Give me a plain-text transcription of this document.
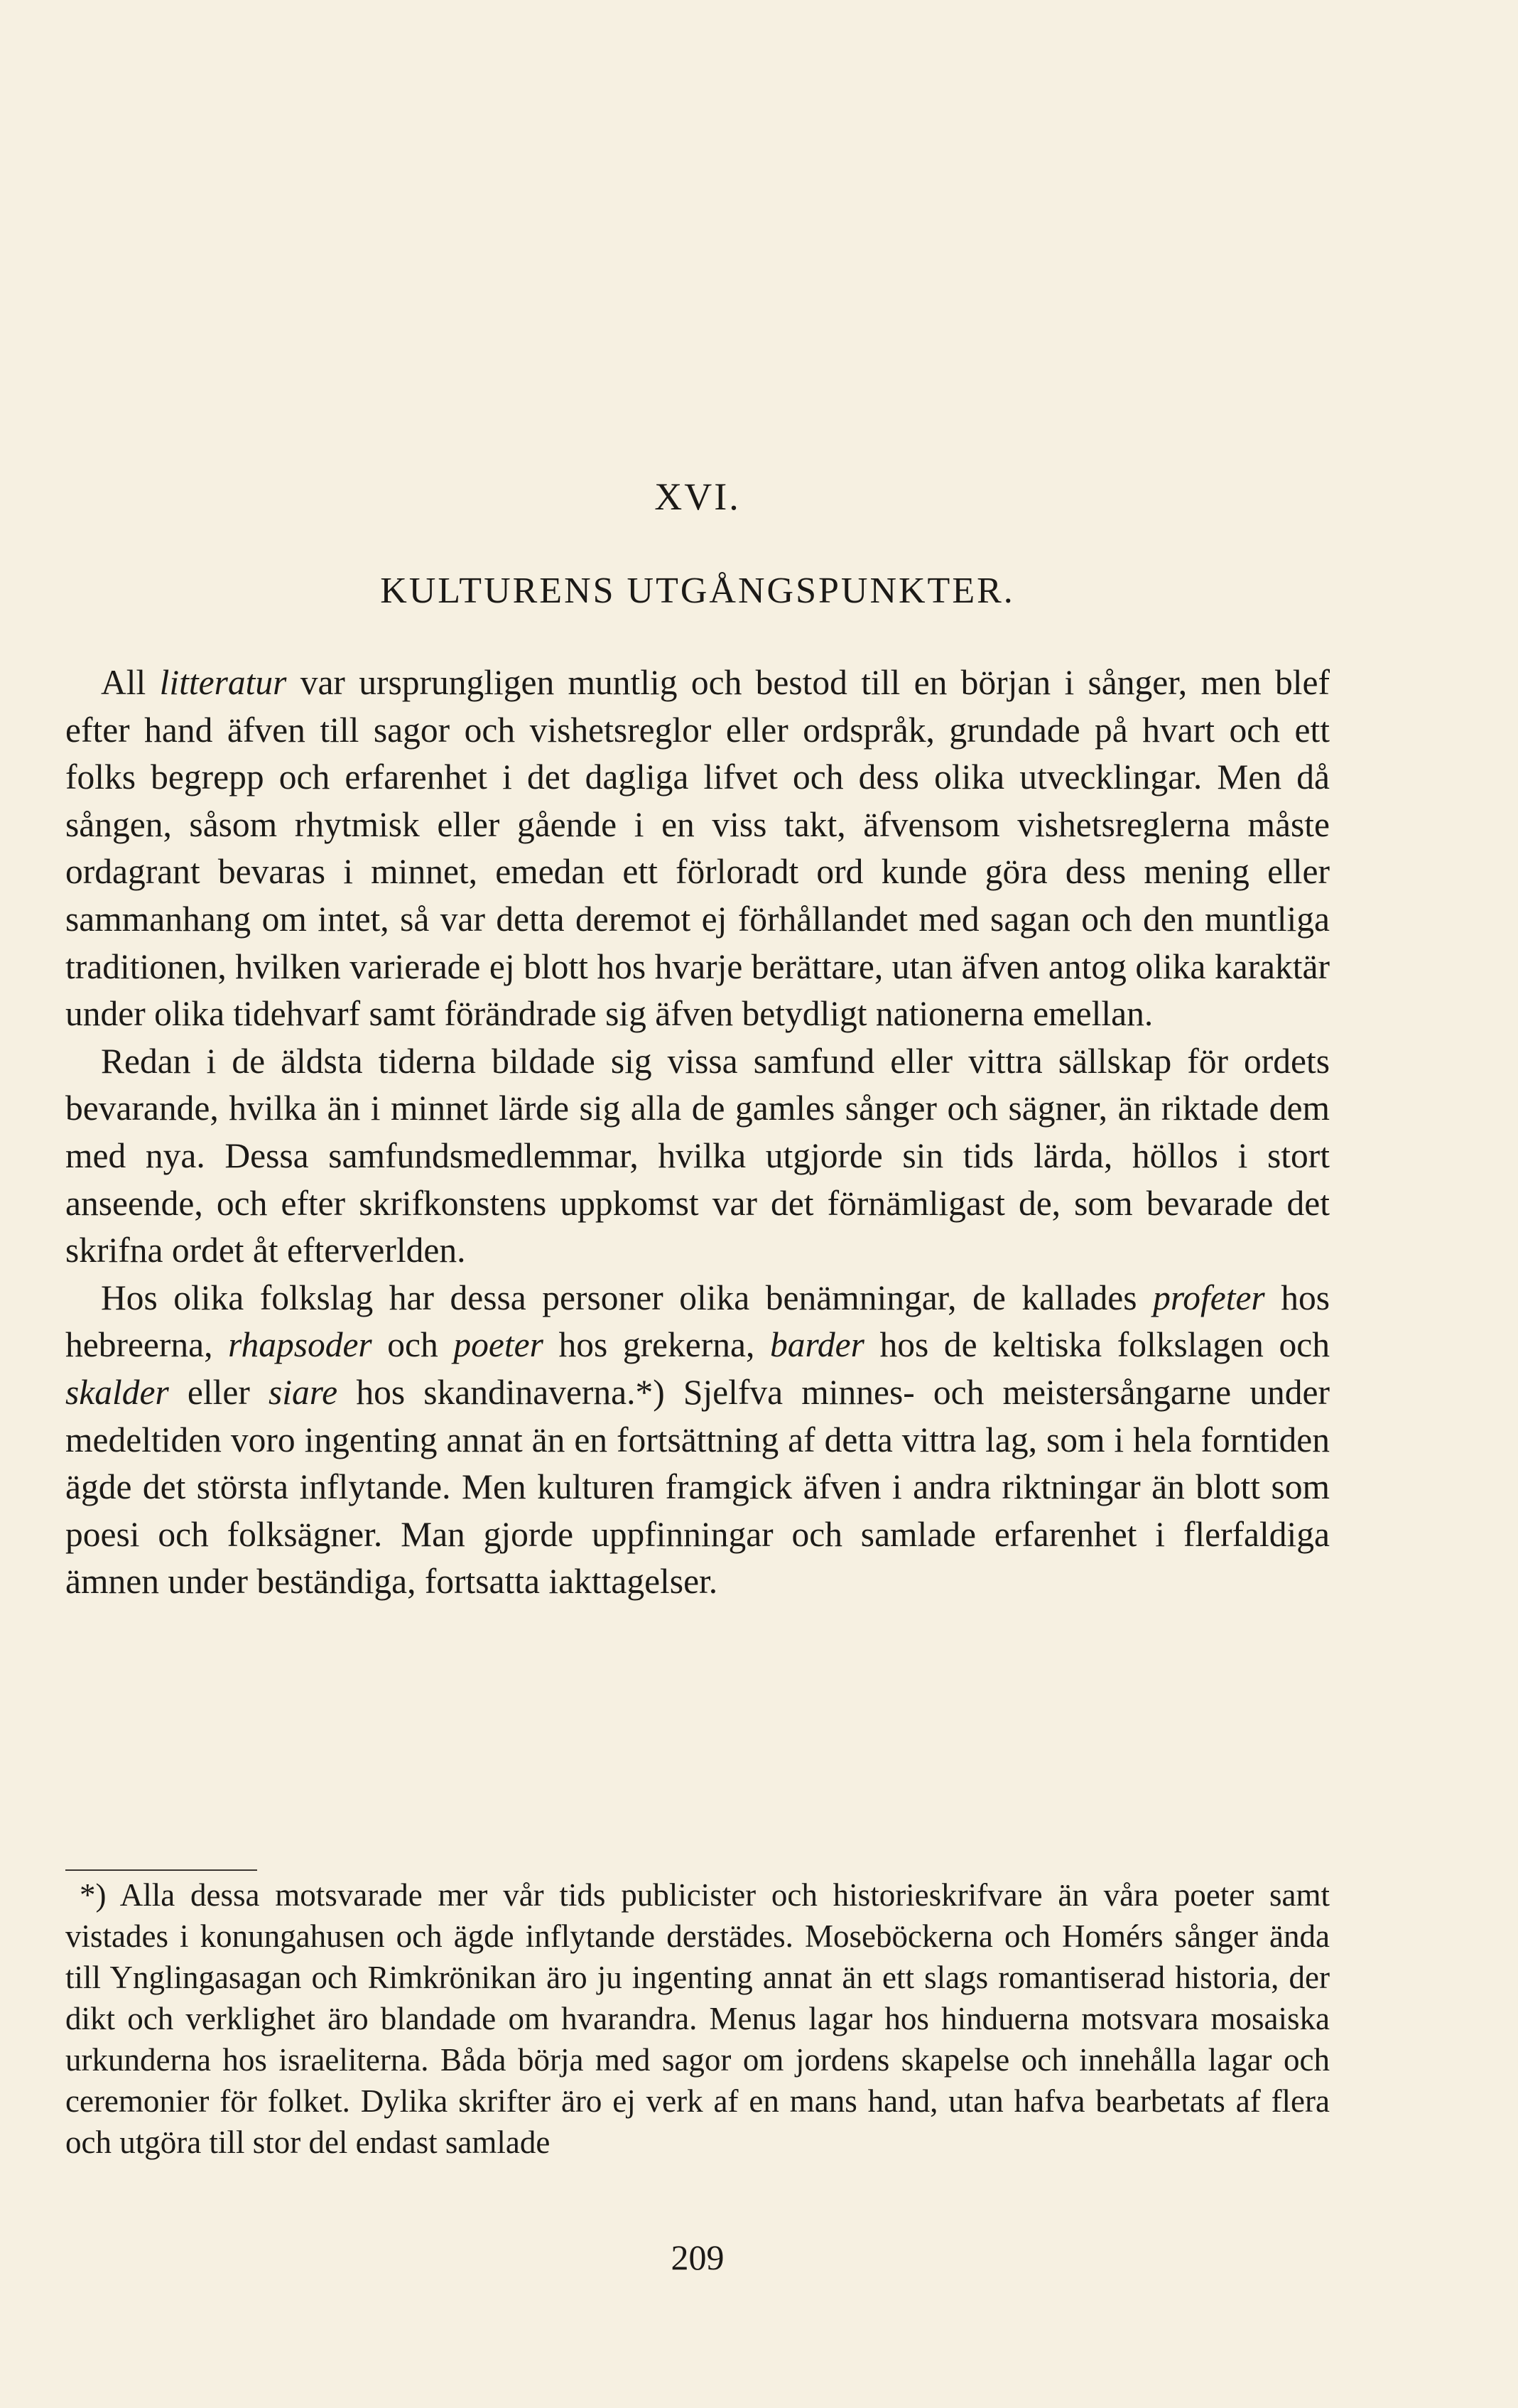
XVI.
KULTURENS UTGÅNGSPUNKTER.

All litteratur var ursprungligen muntlig och bestod till en början i sånger, men blef efter hand äfven till sagor och vishetsreglor eller ordspråk, grundade på hvart och ett folks begrepp och erfarenhet i det dagliga lifvet och dess olika utvecklingar. Men då sången, såsom rhytmisk eller gående i en viss takt, äfvensom vishetsreglerna måste ordagrant bevaras i minnet, emedan ett förloradt ord kunde göra dess mening eller sammanhang om intet, så var detta deremot ej förhållandet med sagan och den muntliga traditionen, hvilken varierade ej blott hos hvarje berättare, utan äfven antog olika karaktär under olika tidehvarf samt förändrade sig äfven betydligt nationerna emellan.

Redan i de äldsta tiderna bildade sig vissa samfund eller vittra sällskap för ordets bevarande, hvilka än i minnet lärde sig alla de gamles sånger och sägner, än riktade dem med nya. Dessa samfundsmedlemmar, hvilka utgjorde sin tids lärda, höllos i stort anseende, och efter skrifkonstens uppkomst var det förnämligast de, som bevarade det skrifna ordet åt efterverlden.

Hos olika folkslag har dessa personer olika benämningar, de kallades profeter hos hebreerna, rhapsoder och poeter hos grekerna, barder hos de keltiska folkslagen och skalder eller siare hos skandinaverna.*) Sjelfva minnes- och meistersångarne under medeltiden voro ingenting annat än en fortsättning af detta vittra lag, som i hela forntiden ägde det största inflytande. Men kulturen framgick äfven i andra riktningar än blott som poesi och folksägner. Man gjorde uppfinningar och samlade erfarenhet i flerfaldiga ämnen under beständiga, fortsatta iakttagelser.

*) Alla dessa motsvarade mer vår tids publicister och historieskrifvare än våra poeter samt vistades i konungahusen och ägde inflytande derstädes. Moseböckerna och Homérs sånger ända till Ynglingasagan och Rimkrönikan äro ju ingenting annat än ett slags romantiserad historia, der dikt och verklighet äro blandade om hvarandra. Menus lagar hos hinduerna motsvara mosaiska urkunderna hos israeliterna. Båda börja med sagor om jordens skapelse och innehålla lagar och ceremonier för folket. Dylika skrifter äro ej verk af en mans hand, utan hafva bearbetats af flera och utgöra till stor del endast samlade

209
